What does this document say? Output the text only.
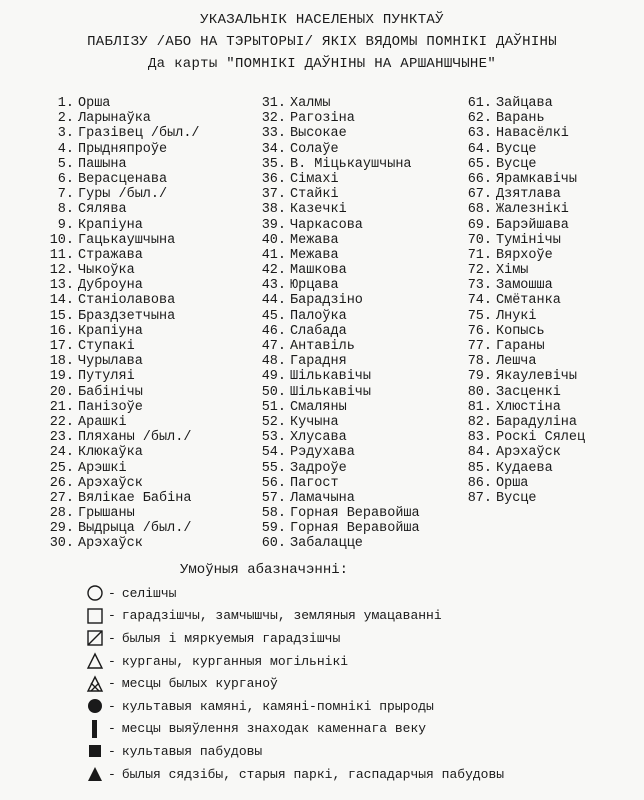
УКАЗАЛЬНІК НАСЕЛЕНЫХ ПУНКТАЎ
ПАБЛІЗУ /АБО НА ТЭРЫТОРЫІ/ ЯКІХ ВЯДОМЫ ПОМНІКІ ДАЎНІНЫ
Да карты "ПОМНІКІ ДАЎНІНЫ НА АРШАНШЧЫНЕ"
1. Орша
2. Ларынаўка
3. Гразівец /был./
4. Прыдняпроўе
5. Пашына
6. Верасценава
7. Гуры /был./
8. Сялява
9. Крапіуна
10. Гацькаушчына
11. Стражава
12. Чыкоўка
13. Дуброуна
14. Станіолавова
15. Браздзетчына
16. Крапіуна
17. Ступакі
18. Чурылава
19. Путуляі
20. Бабінічы
21. Панізоўе
22. Арашкі
23. Пляханы /был./
24. Клюкаўка
25. Арэшкі
26. Арэхаўск
27. Вялікае Бабіна
28. Грышаны
29. Выдрыца /был./
30. Арэхаўск
31. Халмы
32. Рагозіна
33. Высокае
34. Солаўе
35. В. Міцькаушчына
36. Сімахі
37. Стайкі
38. Казечкі
39. Чаркасова
40. Межава
41. Межава
42. Машкова
43. Юрцава
44. Барадзіно
45. Палоўка
46. Слабада
47. Антавіль
48. Гарадня
49. Шількавічы
50. Шількавічы
51. Смаляны
52. Кучына
53. Хлусава
54. Рэдухава
55. Задроўе
56. Пагост
57. Ламачына
58. Горная Веравойша
59. Горная Веравойша
60. Забалацце
61. Зайцава
62. Варань
63. Навасёлкі
64. Вусце
65. Вусце
66. Ярамкавічы
67. Дзятлава
68. Жалезнікі
69. Барэйшава
70. Тумінічы
71. Вярхоўе
72. Хімы
73. Замошша
74. Смётанка
75. Лнукі
76. Копысь
77. Гараны
78. Лешча
79. Якаулевічы
80. Засценкі
81. Хлюстіна
82. Барадуліна
83. Роскі Сялец
84. Арэхаўск
85. Кудаева
86. Орша
87. Вусце
Умоўныя абазначэнні:
- селішчы
- гарадзішчы, замчышчы, земляныя умацаванні
- былыя і мяркуемыя гарадзішчы
- курганы, курганныя могільнікі
- месцы былых курганоў
- культавыя камяні, камяні-помнікі прыроды
- месцы выяўлення знаходак каменнага веку
- культавыя пабудовы
- былыя сядзібы, старыя паркі, гаспадарчыя пабудовы
